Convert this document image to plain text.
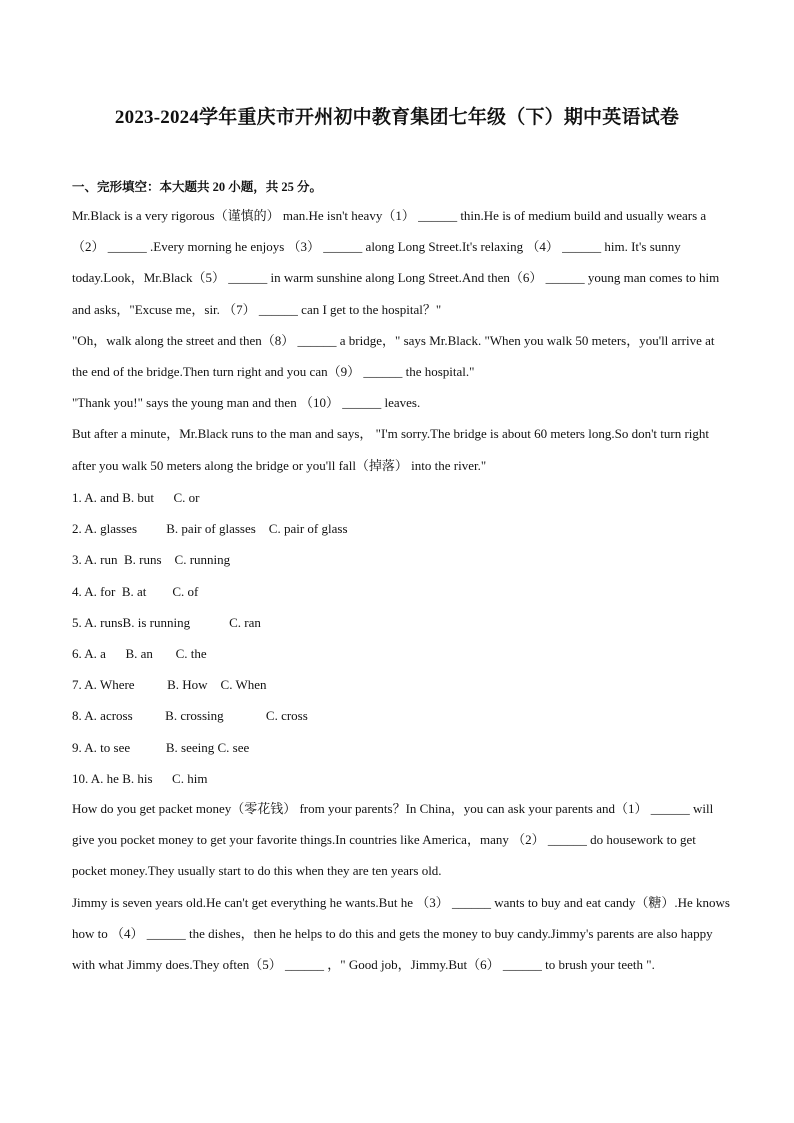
2023-2024学年重庆市开州初中教育集团七年级（下）期中英语试卷
一、完形填空：本大题共 20 小题，共 25 分。
Mr.Black is a very rigorous（谨慎的） man.He isn't heavy（1） ______ thin.He is of medium build and usually wears a （2） ______ .Every morning he enjoys （3） ______ along Long Street.It's relaxing （4） ______ him. It's sunny today.Look，Mr.Black（5） ______ in warm sunshine along Long Street.And then（6） ______ young man comes to him and asks，"Excuse me，sir. （7） ______ can I get to the hospital？"
"Oh，walk along the street and then（8） ______ a bridge，" says Mr.Black. "When you walk 50 meters，you'll arrive at the end of the bridge.Then turn right and you can（9） ______ the hospital."
"Thank you!" says the young man and then （10） ______ leaves.
But after a minute，Mr.Black runs to the man and says， "I'm sorry.The bridge is about 60 meters long.So don't turn right after you walk 50 meters along the bridge or you'll fall（掉落） into the river."
1. A. and B. but      C. or
2. A. glasses         B. pair of glasses    C. pair of glass
3. A. run  B. runs    C. running
4. A. for  B. at        C. of
5. A. runsB. is running            C. ran
6. A. a      B. an       C. the
7. A. Where          B. How    C. When
8. A. across          B. crossing             C. cross
9. A. to see           B. seeing C. see
10. A. he B. his      C. him
How do you get packet money（零花钱） from your parents？In China，you can ask your parents and（1） ______ will give you pocket money to get your favorite things.In countries like America，many （2） ______ do housework to get pocket money.They usually start to do this when they are ten years old.
Jimmy is seven years old.He can't get everything he wants.But he （3） ______ wants to buy and eat candy（糖）.He knows how to （4） ______ the dishes，then he helps to do this and gets the money to buy candy.Jimmy's parents are also happy with what Jimmy does.They often（5） ______ ，" Good job，Jimmy.But（6） ______ to brush your teeth ".
